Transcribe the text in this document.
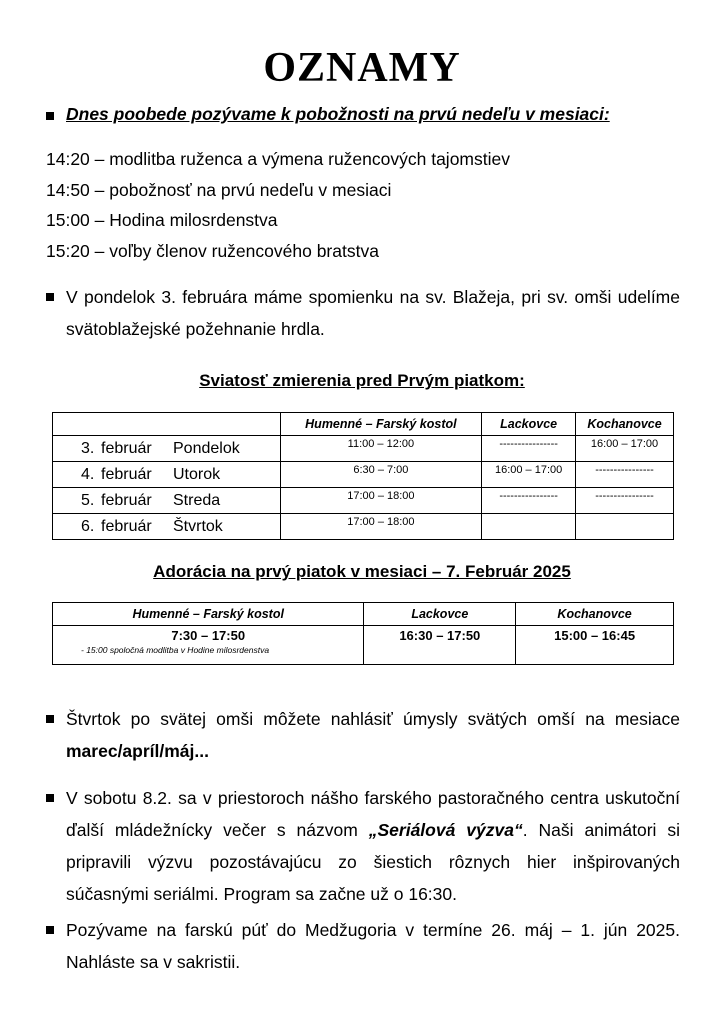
OZNAMY
Dnes poobede pozývame k pobožnosti na prvú nedeľu v mesiaci:
14:20 – modlitba ruženca a výmena ružencových tajomstiev
14:50 – pobožnosť na prvú nedeľu v mesiaci
15:00 – Hodina milosrdenstva
15:20 – voľby členov ružencového bratstva
V pondelok 3. februára máme spomienku na sv. Blažeja, pri sv. omši udelíme svätoblažejské požehnanie hrdla.
Sviatosť zmierenia pred Prvým piatkom:
	Humenné – Farský kostol	Lackovce	Kochanovce
3. február Pondelok	11:00 – 12:00	----------------	16:00 – 17:00
4. február Utorok	6:30 – 7:00	16:00 – 17:00	----------------
5. február Streda	17:00 – 18:00	----------------	----------------
6. február Štvrtok	17:00 – 18:00		
Adorácia na prvý piatok v mesiaci – 7. Február 2025
Humenné – Farský kostol	Lackovce	Kochanovce

7:30 – 17:50
- 15:00 spoločná modlitba v Hodine milosrdenstva	16:30 – 17:50	15:00 – 16:45
Štvrtok po svätej omši môžete nahlásiť úmysly svätých omší na mesiace marec/apríl/máj...
V sobotu 8.2. sa v priestoroch nášho farského pastoračného centra uskutoční ďalší mládežnícky večer s názvom „Seriálová výzva“. Naši animátori si pripravili výzvu pozostávajúcu zo šiestich rôznych hier inšpirovaných súčasnými seriálmi. Program sa začne už o 16:30.
Pozývame na farskú púť do Medžugoria v termíne 26. máj – 1. jún 2025. Nahláste sa v sakristii.
